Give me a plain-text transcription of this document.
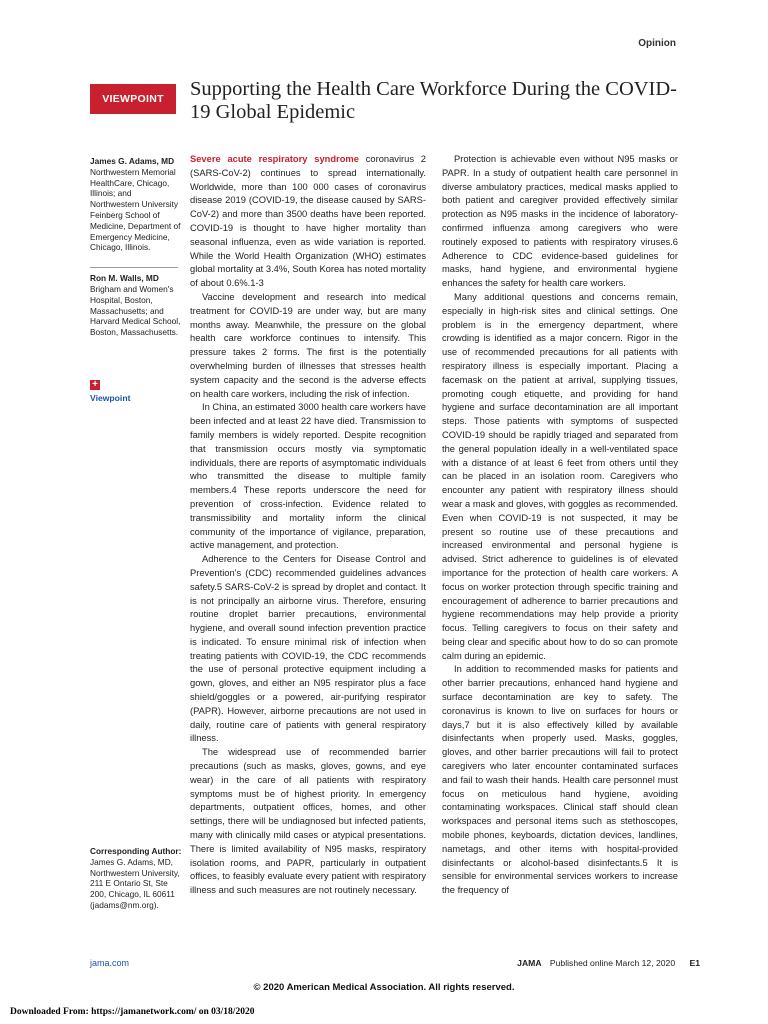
Opinion
VIEWPOINT	Supporting the Health Care Workforce During the COVID-19 Global Epidemic
James G. Adams, MD
Northwestern Memorial HealthCare, Chicago, Illinois; and Northwestern University Feinberg School of Medicine, Department of Emergency Medicine, Chicago, Illinois.
Ron M. Walls, MD
Brigham and Women's Hospital, Boston, Massachusetts; and Harvard Medical School, Boston, Massachusetts.
+
Viewpoint
Corresponding Author: James G. Adams, MD, Northwestern University, 211 E Ontario St, Ste 200, Chicago, IL 60611 (jadams@nm.org).

Severe acute respiratory syndrome coronavirus 2 (SARS-CoV-2) continues to spread internationally. Worldwide, more than 100 000 cases of coronavirus disease 2019 (COVID-19, the disease caused by SARS-CoV-2) and more than 3500 deaths have been reported. COVID-19 is thought to have higher mortality than seasonal influenza, even as wide variation is reported. While the World Health Organization (WHO) estimates global mortality at 3.4%, South Korea has noted mortality of about 0.6%.1-3

Vaccine development and research into medical treatment for COVID-19 are under way, but are many months away. Meanwhile, the pressure on the global health care workforce continues to intensify. This pressure takes 2 forms. The first is the potentially overwhelming burden of illnesses that stresses health system capacity and the second is the adverse effects on health care workers, including the risk of infection.

In China, an estimated 3000 health care workers have been infected and at least 22 have died. Transmission to family members is widely reported. Despite recognition that transmission occurs mostly via symptomatic individuals, there are reports of asymptomatic individuals who transmitted the disease to multiple family members.4 These reports underscore the need for prevention of cross-infection. Evidence related to transmissibility and mortality inform the clinical community of the importance of vigilance, preparation, active management, and protection.

Adherence to the Centers for Disease Control and Prevention's (CDC) recommended guidelines advances safety.5 SARS-CoV-2 is spread by droplet and contact. It is not principally an airborne virus. Therefore, ensuring routine droplet barrier precautions, environmental hygiene, and overall sound infection prevention practice is indicated. To ensure minimal risk of infection when treating patients with COVID-19, the CDC recommends the use of personal protective equipment including a gown, gloves, and either an N95 respirator plus a face shield/goggles or a powered, air-purifying respirator (PAPR). However, airborne precautions are not used in daily, routine care of patients with general respiratory illness.

The widespread use of recommended barrier precautions (such as masks, gloves, gowns, and eye wear) in the care of all patients with respiratory symptoms must be of highest priority. In emergency departments, outpatient offices, homes, and other settings, there will be undiagnosed but infected patients, many with clinically mild cases or atypical presentations. There is limited availability of N95 masks, respiratory isolation rooms, and PAPR, particularly in outpatient offices, to feasibly evaluate every patient with respiratory illness and such measures are not routinely necessary.

Protection is achievable even without N95 masks or PAPR. In a study of outpatient health care personnel in diverse ambulatory practices, medical masks applied to both patient and caregiver provided effectively similar protection as N95 masks in the incidence of laboratory-confirmed influenza among caregivers who were routinely exposed to patients with respiratory viruses.6 Adherence to CDC evidence-based guidelines for masks, hand hygiene, and environmental hygiene enhances the safety for health care workers.

Many additional questions and concerns remain, especially in high-risk sites and clinical settings. One problem is in the emergency department, where crowding is identified as a major concern. Rigor in the use of recommended precautions for all patients with respiratory illness is especially important. Placing a facemask on the patient at arrival, supplying tissues, promoting cough etiquette, and providing for hand hygiene and surface decontamination are all important steps. Those patients with symptoms of suspected COVID-19 should be rapidly triaged and separated from the general population ideally in a well-ventilated space with a distance of at least 6 feet from others until they can be placed in an isolation room. Caregivers who encounter any patient with respiratory illness should wear a mask and gloves, with goggles as recommended. Even when COVID-19 is not suspected, it may be present so routine use of these precautions and increased environmental and personal hygiene is advised. Strict adherence to guidelines is of elevated importance for the protection of health care workers. A focus on worker protection through specific training and encouragement of adherence to barrier precautions and hygiene recommendations may help provide a priority focus. Telling caregivers to focus on their safety and being clear and specific about how to do so can promote calm during an epidemic.

In addition to recommended masks for patients and other barrier precautions, enhanced hand hygiene and surface decontamination are key to safety. The coronavirus is known to live on surfaces for hours or days,7 but it is also effectively killed by available disinfectants when properly used. Masks, goggles, gloves, and other barrier precautions will fail to protect caregivers who later encounter contaminated surfaces and fail to wash their hands. Health care personnel must focus on meticulous hand hygiene, avoiding contaminating workspaces. Clinical staff should clean workspaces and personal items such as stethoscopes, mobile phones, keyboards, dictation devices, landlines, nametags, and other items with hospital-provided disinfectants or alcohol-based disinfectants.5 It is sensible for environmental services workers to increase the frequency of

jama.com	JAMA Published online March 12, 2020 E1
© 2020 American Medical Association. All rights reserved.
Downloaded From: https://jamanetwork.com/ on 03/18/2020
